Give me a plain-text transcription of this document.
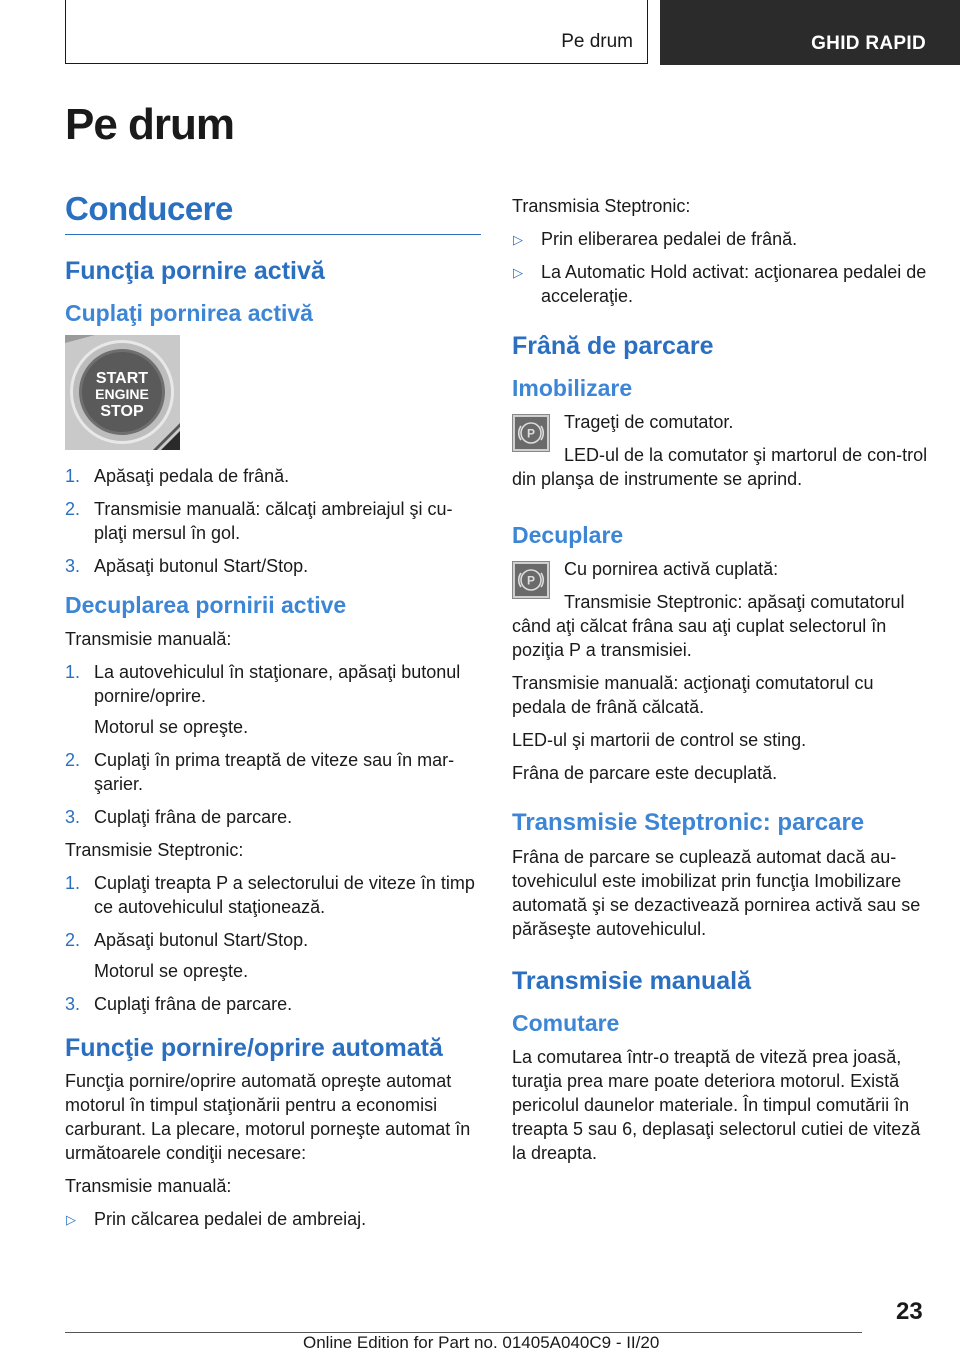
Pe drum	GHID RAPID
Pe drum
Conducere
Funcţia pornire activă
Cuplaţi pornirea activă
START
ENGINE
STOP
1. Apăsaţi pedala de frână.
2. Transmisie manuală: călcaţi ambreiajul şi cu‐plaţi mersul în gol.
3. Apăsaţi butonul Start/Stop.
Decuplarea pornirii active

Transmisie manuală:

1. La autovehiculul în staţionare, apăsaţi butonul pornire/oprire.
Motorul se opreşte.
2. Cuplaţi în prima treaptă de viteze sau în mar‐şarier.
3. Cuplaţi frâna de parcare.

Transmisie Steptronic:

1. Cuplaţi treapta P a selectorului de viteze în timp ce autovehiculul staţionează.
2. Apăsaţi butonul Start/Stop.
Motorul se opreşte.
3. Cuplaţi frâna de parcare.
Funcţie pornire/oprire automată

Funcţia pornire/oprire automată opreşte automat motorul în timpul staţionării pentru a economisi carburant. La plecare, motorul porneşte automat în următoarele condiţii necesare:

Transmisie manuală:

▷ Prin călcarea pedalei de ambreiaj.

Transmisia Steptronic:

▷ Prin eliberarea pedalei de frână.
▷ La Automatic Hold activat: acţionarea pedalei de acceleraţie.
Frână de parcare
Imobilizare
P

Trageţi de comutator.

LED-ul de la comutator şi martorul de con‐trol din planşa de instrumente se aprind.

Decuplare
P

Cu pornirea activă cuplată:

Transmisie Steptronic: apăsaţi comutatorul când aţi călcat frâna sau aţi cuplat selectorul în poziţia P a transmisiei.

Transmisie manuală: acţionaţi comutatorul cu pedala de frână călcată.

LED-ul şi martorii de control se sting.

Frâna de parcare este decuplată.

Transmisie Steptronic: parcare

Frâna de parcare se cuplează automat dacă au‐tovehiculul este imobilizat prin funcţia Imobilizare automată şi se dezactivează pornirea activă sau se părăseşte autovehiculul.

Transmisie manuală
Comutare

La comutarea într-o treaptă de viteză prea joasă, turaţia prea mare poate deteriora motorul. Există pericolul daunelor materiale. În timpul comutării în treapta 5 sau 6, deplasaţi selectorul cutiei de viteză la dreapta.

23
Online Edition for Part no. 01405A040C9 - II/20
